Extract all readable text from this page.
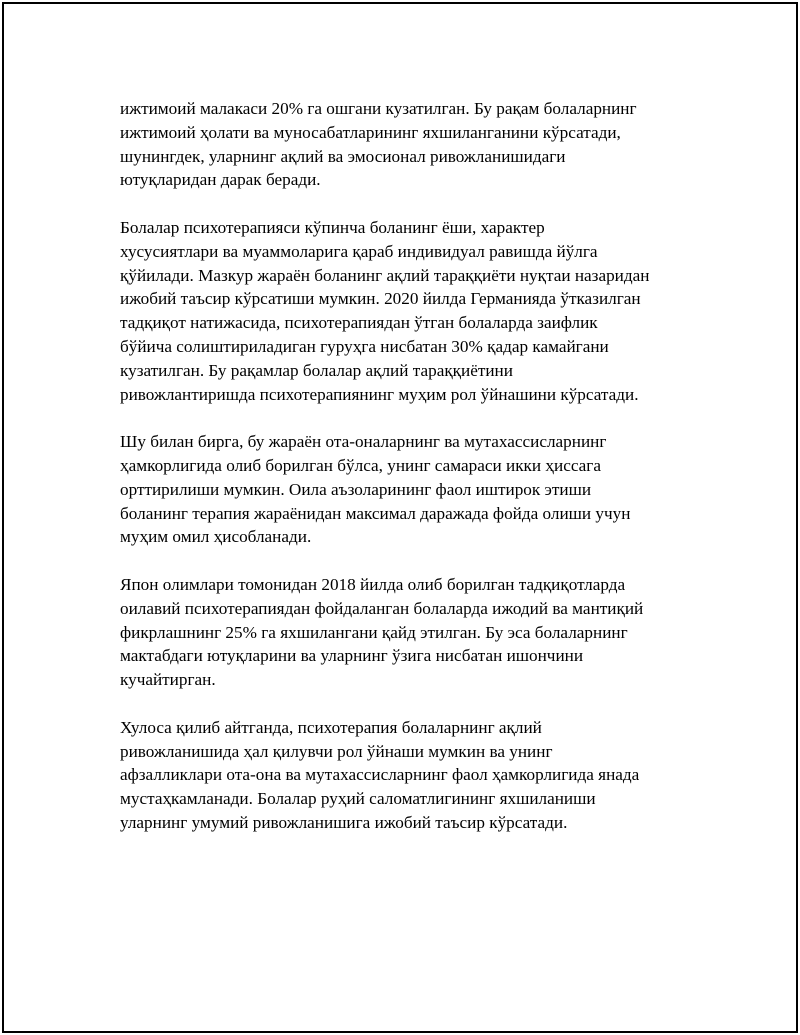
ижтимоий малакаси 20% га ошгани кузатилган. Бу рақам болаларнинг
ижтимоий ҳолати ва муносабатларининг яхшиланганини кўрсатади,
шунингдек, уларнинг ақлий ва эмосионал ривожланишидаги
ютуқларидан дарак беради.

Болалар психотерапияси кўпинча боланинг ёши, характер
хусусиятлари ва муаммоларига қараб индивидуал равишда йўлга
қўйилади. Мазкур жараён боланинг ақлий тараққиёти нуқтаи назаридан
ижобий таъсир кўрсатиши мумкин. 2020 йилда Германияда ўтказилган
тадқиқот натижасида, психотерапиядан ўтган болаларда заифлик
бўйича солиштириладиган гуруҳга нисбатан 30% қадар камайгани
кузатилган. Бу рақамлар болалар ақлий тараққиётини
ривожлантиришда психотерапиянинг муҳим рол ўйнашини кўрсатади.

Шу билан бирга, бу жараён ота-оналарнинг ва мутахассисларнинг
ҳамкорлигида олиб борилган бўлса, унинг самараси икки ҳиссага
орттирилиши мумкин. Оила аъзоларининг фаол иштирок этиши
боланинг терапия жараёнидан максимал даражада фойда олиши учун
муҳим омил ҳисобланади.

Япон олимлари томонидан 2018 йилда олиб борилган тадқиқотларда
оилавий психотерапиядан фойдаланган болаларда ижодий ва мантиқий
фикрлашнинг 25% га яхшилангани қайд этилган. Бу эса болаларнинг
мактабдаги ютуқларини ва уларнинг ўзига нисбатан ишончини
кучайтирган.

Хулоса қилиб айтганда, психотерапия болаларнинг ақлий
ривожланишида ҳал қилувчи рол ўйнаши мумкин ва унинг
афзалликлари ота-она ва мутахассисларнинг фаол ҳамкорлигида янада
мустаҳкамланади. Болалар руҳий саломатлигининг яхшиланиши
уларнинг умумий ривожланишига ижобий таъсир кўрсатади.
